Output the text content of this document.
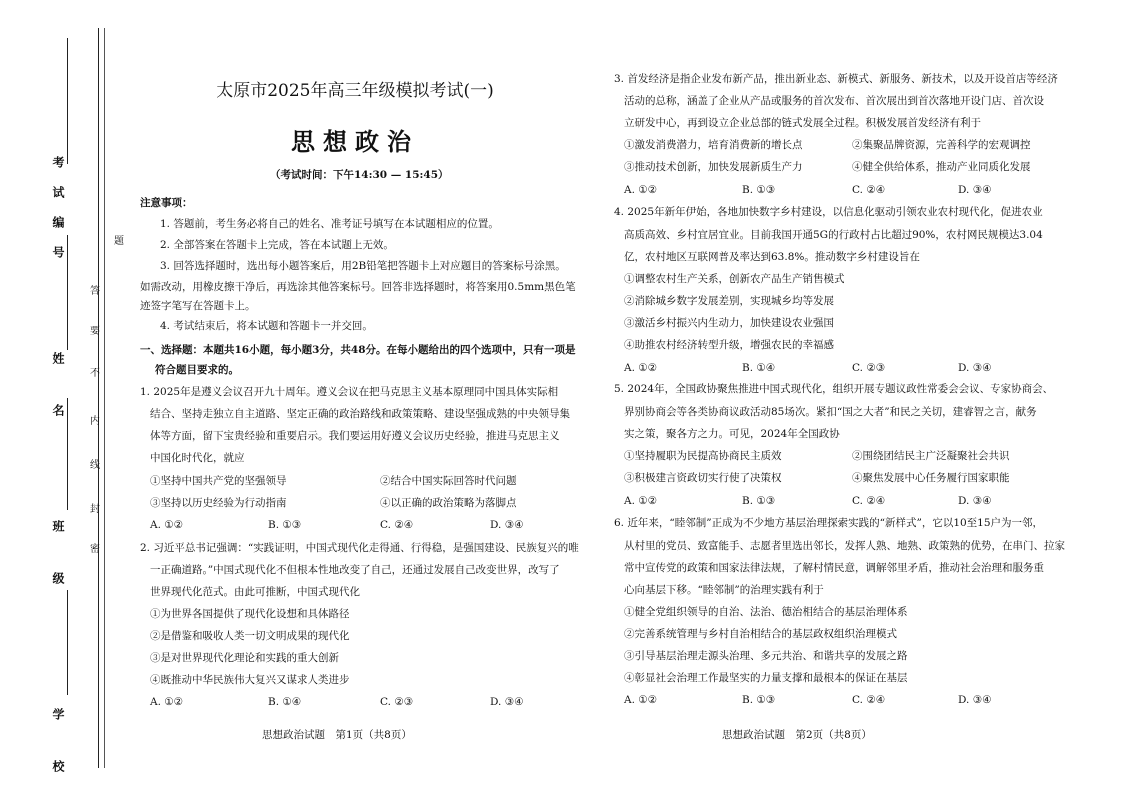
考试编号
姓 名
班 级
学 校
题
答
要
不
内
线
封
密
太原市2025年高三年级模拟考试(一)
思想政治
（考试时间：下午14:30 — 15:45）
注意事项：
1. 答题前，考生务必将自己的姓名、准考证号填写在本试题相应的位置。
2. 全部答案在答题卡上完成，答在本试题上无效。
3. 回答选择题时，选出每小题答案后，用2B铅笔把答题卡上对应题目的答案标号涂黑。
如需改动，用橡皮擦干净后，再选涂其他答案标号。回答非选择题时，将答案用0.5mm黑色笔
迹签字笔写在答题卡上。
4. 考试结束后，将本试题和答题卡一并交回。
一、选择题：本题共16小题，每小题3分，共48分。在每小题给出的四个选项中，只有一项是
符合题目要求的。
1. 2025年是遵义会议召开九十周年。遵义会议在把马克思主义基本原理同中国具体实际相
结合、坚持走独立自主道路、坚定正确的政治路线和政策策略、建设坚强成熟的中央领导集
体等方面，留下宝贵经验和重要启示。我们要运用好遵义会议历史经验，推进马克思主义
中国化时代化，就应
①坚持中国共产党的坚强领导	②结合中国实际回答时代问题
③坚持以历史经验为行动指南	④以正确的政治策略为落脚点
A. ①②	B. ①③	C. ②④	D. ③④
2. 习近平总书记强调：“实践证明，中国式现代化走得通、行得稳，是强国建设、民族复兴的唯
一正确道路。”中国式现代化不但根本性地改变了自己，还通过发展自己改变世界，改写了
世界现代化范式。由此可推断，中国式现代化
①为世界各国提供了现代化设想和具体路径
②是借鉴和吸收人类一切文明成果的现代化
③是对世界现代化理论和实践的重大创新
④既推动中华民族伟大复兴又谋求人类进步
A. ①②	B. ①④	C. ②③	D. ③④
思想政治试题　第1页（共8页）
3. 首发经济是指企业发布新产品，推出新业态、新模式、新服务、新技术，以及开设首店等经济
活动的总称，涵盖了企业从产品或服务的首次发布、首次展出到首次落地开设门店、首次设
立研发中心，再到设立企业总部的链式发展全过程。积极发展首发经济有利于
①激发消费潜力，培育消费新的增长点	②集聚品牌资源，完善科学的宏观调控
③推动技术创新，加快发展新质生产力	④健全供给体系，推动产业同质化发展
A. ①②	B. ①③	C. ②④	D. ③④
4. 2025年新年伊始，各地加快数字乡村建设，以信息化驱动引领农业农村现代化，促进农业
高质高效、乡村宜居宜业。目前我国开通5G的行政村占比超过90%，农村网民规模达3.04
亿，农村地区互联网普及率达到63.8%。推动数字乡村建设旨在
①调整农村生产关系，创新农产品生产销售模式
②消除城乡数字发展差别，实现城乡均等发展
③激活乡村振兴内生动力，加快建设农业强国
④助推农村经济转型升级，增强农民的幸福感
A. ①②	B. ①④	C. ②③	D. ③④
5. 2024年，全国政协聚焦推进中国式现代化，组织开展专题议政性常委会会议、专家协商会、
界别协商会等各类协商议政活动85场次。紧扣“国之大者”和民之关切，建睿智之言，献务
实之策，聚各方之力。可见，2024年全国政协
①坚持履职为民提高协商民主质效	②围绕团结民主广泛凝聚社会共识
③积极建言资政切实行使了决策权	④聚焦发展中心任务履行国家职能
A. ①②	B. ①③	C. ②④	D. ③④
6. 近年来，“睦邻制”正成为不少地方基层治理探索实践的“新样式”，它以10至15户为一邻，
从村里的党员、致富能手、志愿者里选出邻长，发挥人熟、地熟、政策熟的优势，在串门、拉家
常中宣传党的政策和国家法律法规，了解村情民意，调解邻里矛盾，推动社会治理和服务重
心向基层下移。“睦邻制”的治理实践有利于
①健全党组织领导的自治、法治、德治相结合的基层治理体系
②完善系统管理与乡村自治相结合的基层政权组织治理模式
③引导基层治理走源头治理、多元共治、和谐共享的发展之路
④彰显社会治理工作最坚实的力量支撑和最根本的保证在基层
A. ①②	B. ①③	C. ②④	D. ③④
思想政治试题　第2页（共8页）
